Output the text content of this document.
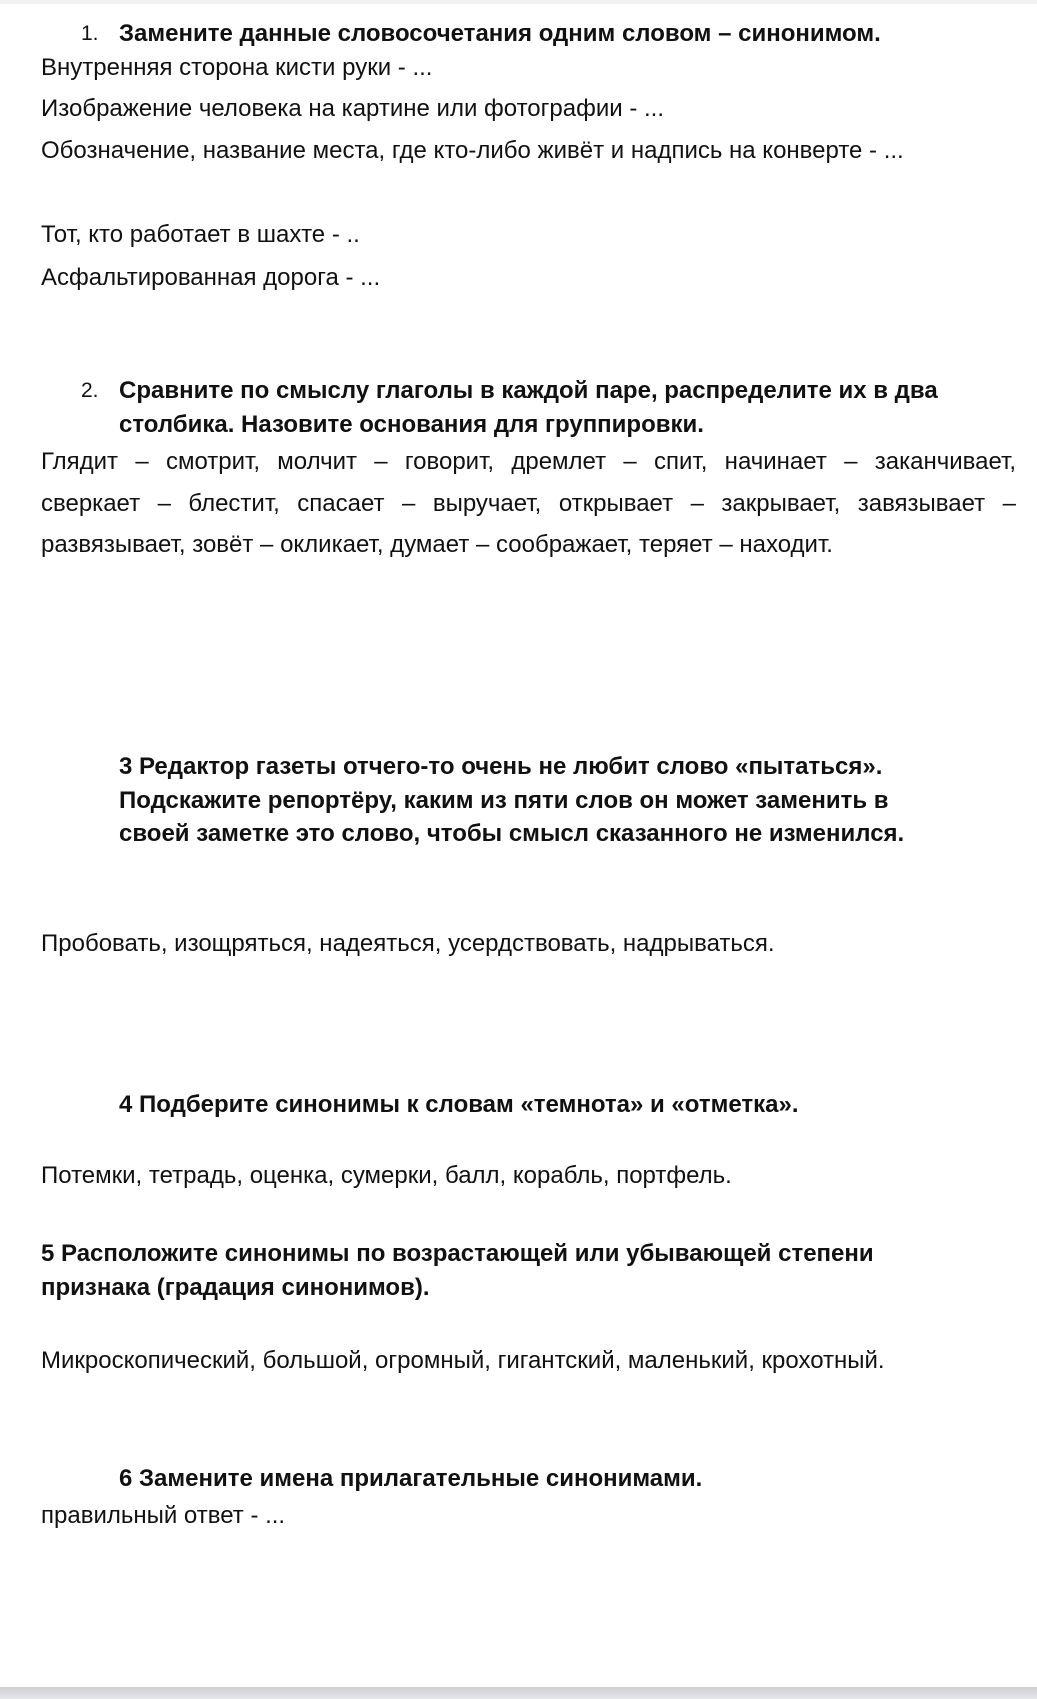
1. Замените данные словосочетания одним словом – синонимом.
Внутренняя сторона кисти руки - ...
Изображение человека на картине или фотографии - ...
Обозначение, название места, где кто-либо живёт и надпись на конверте - ...
Тот, кто работает в шахте - ..
Асфальтированная дорога - ...
2. Сравните по смыслу глаголы в каждой паре, распределите их в два
столбика. Назовите основания для группировки.
Глядит – смотрит, молчит – говорит, дремлет – спит, начинает – заканчивает,
сверкает – блестит, спасает – выручает, открывает – закрывает, завязывает –
развязывает, зовёт – окликает, думает – соображает, теряет – находит.
3 Редактор газеты отчего-то очень не любит слово «пытаться».
Подскажите репортёру, каким из пяти слов он может заменить в
своей заметке это слово, чтобы смысл сказанного не изменился.
Пробовать, изощряться, надеяться, усердствовать, надрываться.
4 Подберите синонимы к словам «темнота» и «отметка».
Потемки, тетрадь, оценка, сумерки, балл, корабль, портфель.
5 Расположите синонимы по возрастающей или убывающей степени
признака (градация синонимов).
Микроскопический, большой, огромный, гигантский, маленький, крохотный.
6 Замените имена прилагательные синонимами.
правильный ответ - ...
